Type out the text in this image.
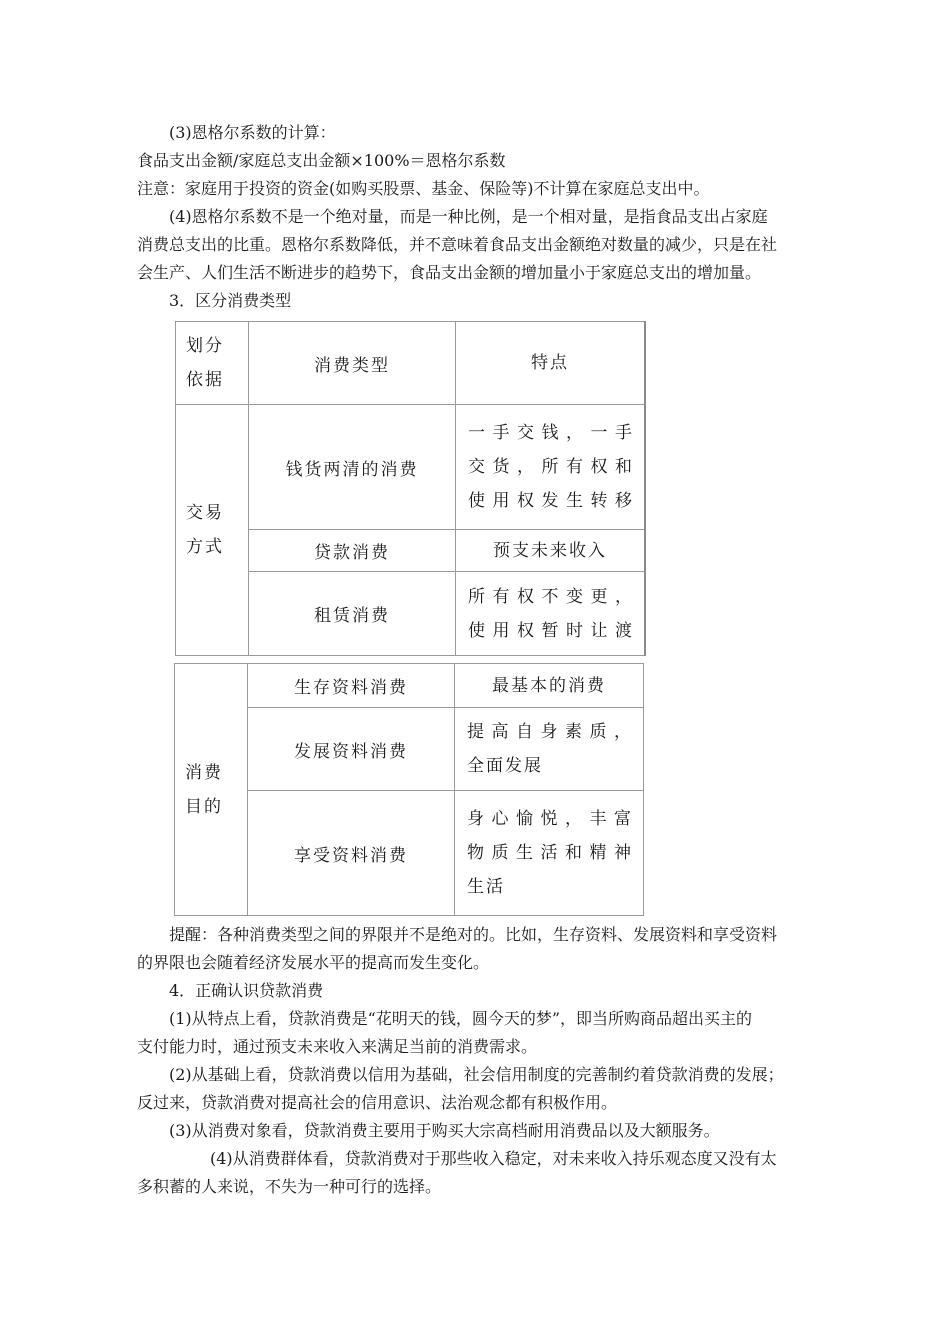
(3)恩格尔系数的计算：
食品支出金额/家庭总支出金额×100%＝恩格尔系数
注意：家庭用于投资的资金(如购买股票、基金、保险等)不计算在家庭总支出中。
(4)恩格尔系数不是一个绝对量，而是一种比例，是一个相对量，是指食品支出占家庭
消费总支出的比重。恩格尔系数降低，并不意味着食品支出金额绝对数量的减少，只是在社
会生产、人们生活不断进步的趋势下，食品支出金额的增加量小于家庭总支出的增加量。
3．区分消费类型
划分
依据	消费类型	特点

交易
方式	钱货两清的消费	一手交钱，一手
交货，所有权和
使用权发生转移

	贷款消费	预支未来收入

	租赁消费	所有权不变更，
使用权暂时让渡
消费
目的	生存资料消费	最基本的消费

	发展资料消费	提高自身素质，
全面发展

	享受资料消费	身心愉悦，丰富
物质生活和精神
生活
提醒：各种消费类型之间的界限并不是绝对的。比如，生存资料、发展资料和享受资料
的界限也会随着经济发展水平的提高而发生变化。
4．正确认识贷款消费
(1)从特点上看，贷款消费是“花明天的钱，圆今天的梦”，即当所购商品超出买主的
支付能力时，通过预支未来收入来满足当前的消费需求。
(2)从基础上看，贷款消费以信用为基础，社会信用制度的完善制约着贷款消费的发展；
反过来，贷款消费对提高社会的信用意识、法治观念都有积极作用。
(3)从消费对象看，贷款消费主要用于购买大宗高档耐用消费品以及大额服务。
(4)从消费群体看，贷款消费对于那些收入稳定，对未来收入持乐观态度又没有太
多积蓄的人来说，不失为一种可行的选择。
